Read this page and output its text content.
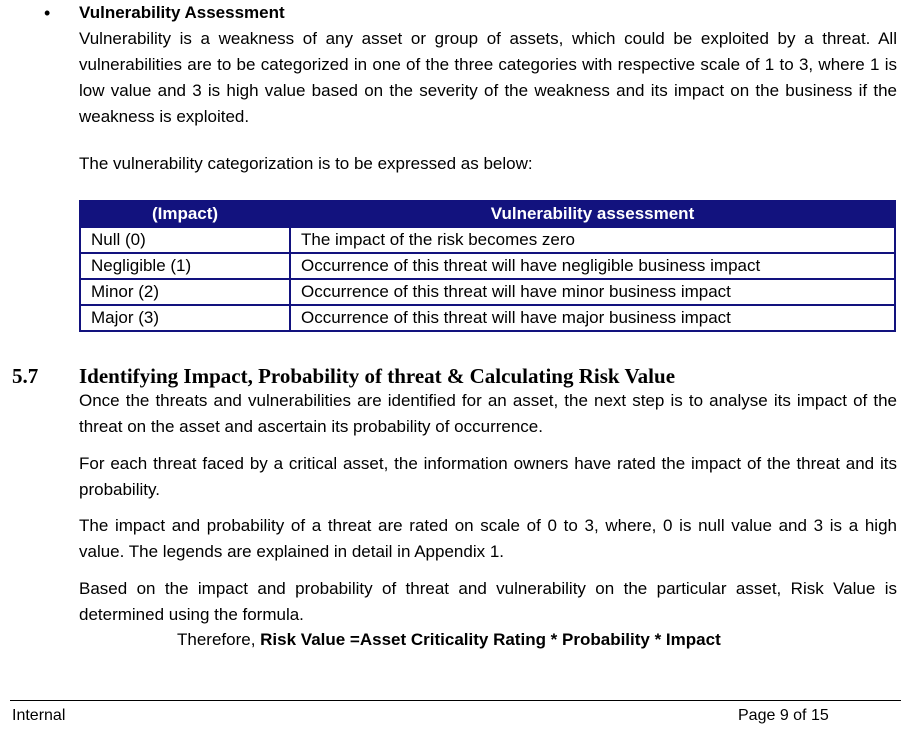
• Vulnerability Assessment
Vulnerability is a weakness of any asset or group of assets, which could be exploited by a threat. All vulnerabilities are to be categorized in one of the three categories with respective scale of 1 to 3, where 1 is low value and 3 is high value based on the severity of the weakness and its impact on the business if the weakness is exploited.
The vulnerability categorization is to be expressed as below:
(Impact)	Vulnerability assessment
Null (0)	The impact of the risk becomes zero
Negligible (1)	Occurrence of this threat will have negligible business impact
Minor (2)	Occurrence of this threat will have minor business impact
Major (3)	Occurrence of this threat will have major business impact
5.7 Identifying Impact, Probability of threat & Calculating Risk Value
Once the threats and vulnerabilities are identified for an asset, the next step is to analyse its impact of the threat on the asset and ascertain its probability of occurrence.
For each threat faced by a critical asset, the information owners have rated the impact of the threat and its probability.
The impact and probability of a threat are rated on scale of 0 to 3, where, 0 is null value and 3 is a high value. The legends are explained in detail in Appendix 1.
Based on the impact and probability of threat and vulnerability on the particular asset, Risk Value is determined using the formula.
Therefore, Risk Value =Asset Criticality Rating * Probability * Impact
Internal	Page 9 of 15
